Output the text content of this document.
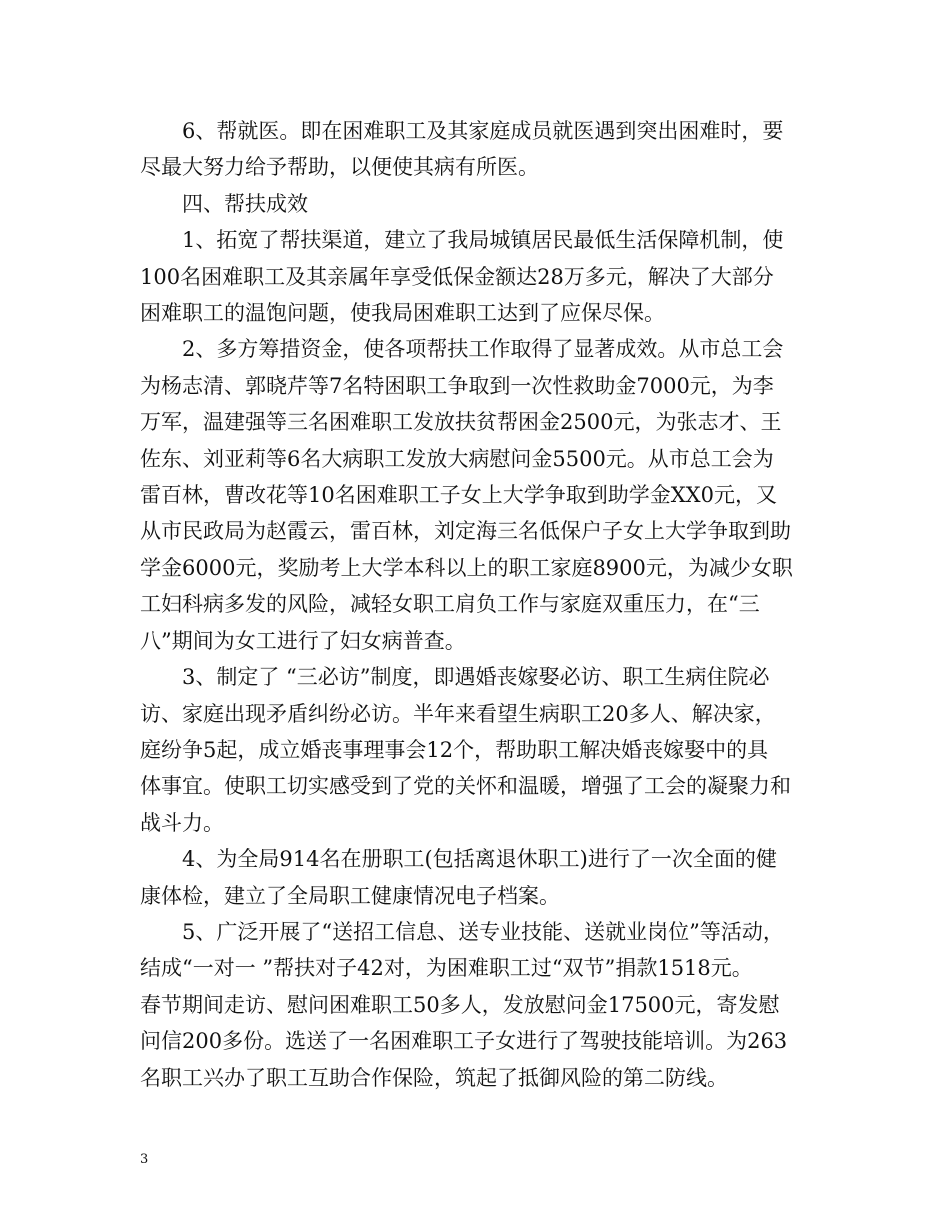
6、帮就医。即在困难职工及其家庭成员就医遇到突出困难时，要
尽最大努力给予帮助，以便使其病有所医。

四、帮扶成效

1、拓宽了帮扶渠道，建立了我局城镇居民最低生活保障机制，使
100名困难职工及其亲属年享受低保金额达28万多元，解决了大部分
困难职工的温饱问题，使我局困难职工达到了应保尽保。

2、多方筹措资金，使各项帮扶工作取得了显著成效。从市总工会
为杨志清、郭晓芹等7名特困职工争取到一次性救助金7000元，为李
万军，温建强等三名困难职工发放扶贫帮困金2500元，为张志才、王
佐东、刘亚莉等6名大病职工发放大病慰问金5500元。从市总工会为
雷百林，曹改花等10名困难职工子女上大学争取到助学金XX0元，又
从市民政局为赵霞云，雷百林，刘定海三名低保户子女上大学争取到助
学金6000元，奖励考上大学本科以上的职工家庭8900元，为减少女职
工妇科病多发的风险，减轻女职工肩负工作与家庭双重压力，在“三
八”期间为女工进行了妇女病普查。

3、制定了 “三必访”制度，即遇婚丧嫁娶必访、职工生病住院必
访、家庭出现矛盾纠纷必访。半年来看望生病职工20多人、解决家，
庭纷争5起，成立婚丧事理事会12个，帮助职工解决婚丧嫁娶中的具
体事宜。使职工切实感受到了党的关怀和温暖，增强了工会的凝聚力和
战斗力。

4、为全局914名在册职工(包括离退休职工)进行了一次全面的健
康体检，建立了全局职工健康情况电子档案。

5、广泛开展了“送招工信息、送专业技能、送就业岗位”等活动，
结成“一对一 ”帮扶对子42对，为困难职工过“双节”捐款1518元。
春节期间走访、慰问困难职工50多人，发放慰问金17500元，寄发慰
问信200多份。选送了一名困难职工子女进行了驾驶技能培训。为263
名职工兴办了职工互助合作保险，筑起了抵御风险的第二防线。

3
